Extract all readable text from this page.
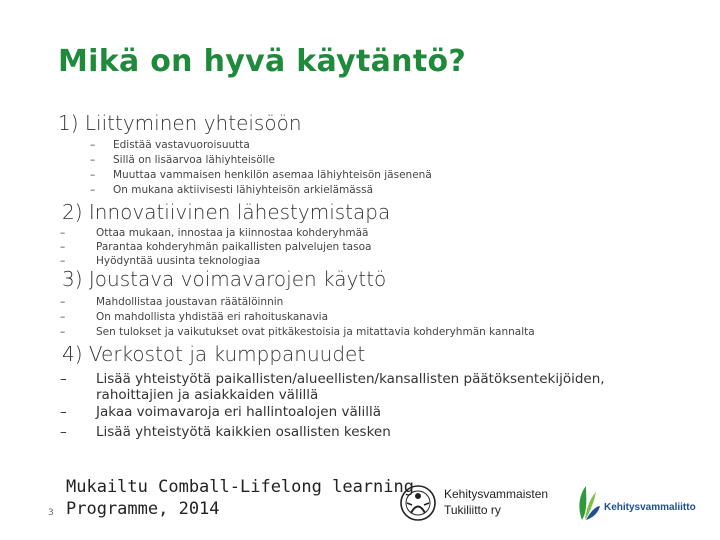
Mikä on hyvä käytäntö?
1) Liittyminen yhteisöön
– Edistää vastavuoroisuutta
– Sillä on lisäarvoa lähiyhteisölle
– Muuttaa vammaisen henkilön asemaa lähiyhteisön jäsenenä
– On mukana aktiivisesti lähiyhteisön arkielämässä
2) Innovatiivinen lähestymistapa
–	Ottaa mukaan, innostaa ja kiinnostaa kohderyhmää
–	Parantaa kohderyhmän paikallisten palvelujen tasoa
–	Hyödyntää uusinta teknologiaa
3) Joustava voimavarojen käyttö
–	Mahdollistaa joustavan räätälöinnin
–	On mahdollista yhdistää eri rahoituskanavia
–	Sen tulokset ja vaikutukset ovat pitkäkestoisia ja mitattavia kohderyhmän kannalta
4) Verkostot ja kumppanuudet
– Lisää yhteistyötä paikallisten/alueellisten/kansallisten päätöksentekijöiden,
rahoittajien ja asiakkaiden välillä
– Jakaa voimavaroja eri hallintoalojen välillä
– Lisää yhteistyötä kaikkien osallisten kesken
3
Mukailtu Comball-Lifelong learning
Programme, 2014
Kehitysvammaisten
Tukiliitto ry	Kehitysvammaliitto
